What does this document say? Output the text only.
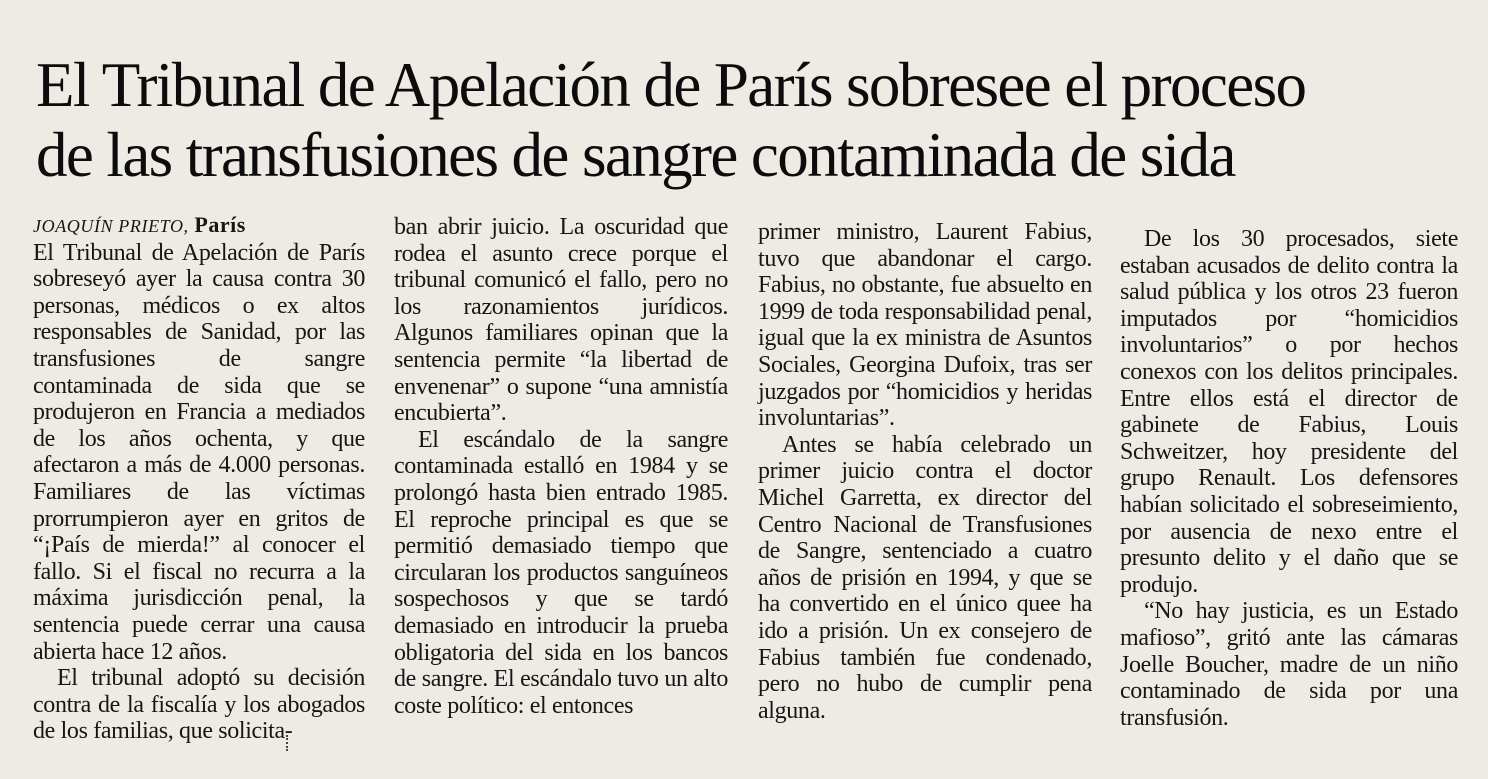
El Tribunal de Apelación de París sobresee el proceso
de las transfusiones de sangre contaminada de sida

JOAQUÍN PRIETO, París

El Tribunal de Apelación de París sobreseyó ayer la causa contra 30 personas, médicos o ex altos responsables de Sanidad, por las transfusiones de sangre contaminada de sida que se produjeron en Francia a mediados de los años ochenta, y que afectaron a más de 4.000 personas. Familiares de las víctimas prorrumpieron ayer en gritos de “¡País de mierda!” al conocer el fallo. Si el fiscal no recurra a la máxima jurisdicción penal, la sentencia puede cerrar una causa abierta hace 12 años.

El tribunal adoptó su decisión contra de la fiscalía y los abogados de los familias, que solicita-

ban abrir juicio. La oscuridad que rodea el asunto crece porque el tribunal comunicó el fallo, pero no los razonamientos jurídicos. Algunos familiares opinan que la sentencia permite “la libertad de envenenar” o supone “una amnistía encubierta”.

El escándalo de la sangre contaminada estalló en 1984 y se prolongó hasta bien entrado 1985. El reproche principal es que se permitió demasiado tiempo que circularan los productos sanguíneos sospechosos y que se tardó demasiado en introducir la prueba obligatoria del sida en los bancos de sangre. El escándalo tuvo un alto coste político: el entonces

primer ministro, Laurent Fabius, tuvo que abandonar el cargo. Fabius, no obstante, fue absuelto en 1999 de toda responsabilidad penal, igual que la ex ministra de Asuntos Sociales, Georgina Dufoix, tras ser juzgados por “homicidios y heridas involuntarias”.

Antes se había celebrado un primer juicio contra el doctor Michel Garretta, ex director del Centro Nacional de Transfusiones de Sangre, sentenciado a cuatro años de prisión en 1994, y que se ha convertido en el único quee ha ido a prisión. Un ex consejero de Fabius también fue condenado, pero no hubo de cumplir pena alguna.

De los 30 procesados, siete estaban acusados de delito contra la salud pública y los otros 23 fueron imputados por “homicidios involuntarios” o por hechos conexos con los delitos principales. Entre ellos está el director de gabinete de Fabius, Louis Schweitzer, hoy presidente del grupo Renault. Los defensores habían solicitado el sobreseimiento, por ausencia de nexo entre el presunto delito y el daño que se produjo.

“No hay justicia, es un Estado mafioso”, gritó ante las cámaras Joelle Boucher, madre de un niño contaminado de sida por una transfusión.
